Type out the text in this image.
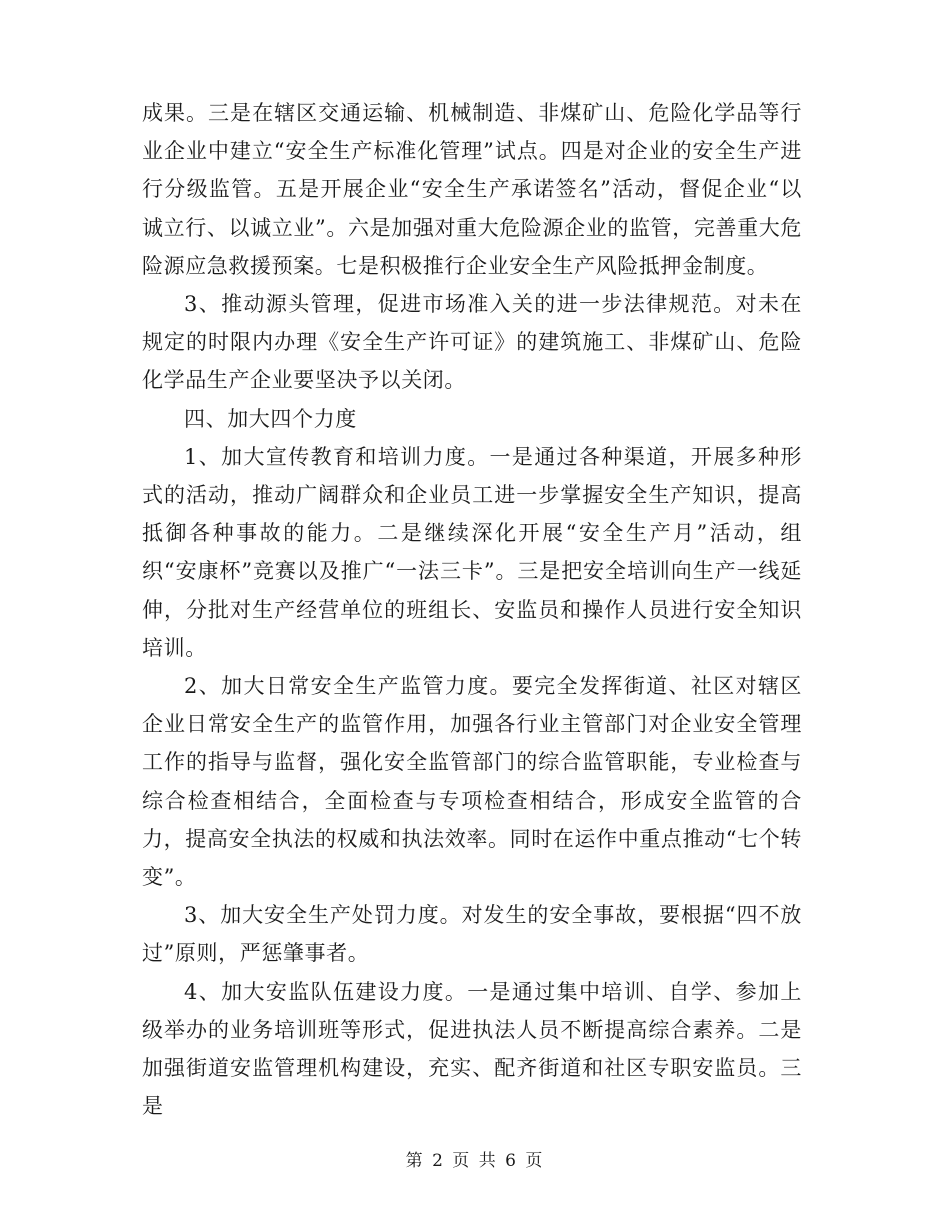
成果。三是在辖区交通运输、机械制造、非煤矿山、危险化学品等行业企业中建立“安全生产标准化管理”试点。四是对企业的安全生产进行分级监管。五是开展企业“安全生产承诺签名”活动，督促企业“以诚立行、以诚立业”。六是加强对重大危险源企业的监管，完善重大危险源应急救援预案。七是积极推行企业安全生产风险抵押金制度。

3、推动源头管理，促进市场准入关的进一步法律规范。对未在规定的时限内办理《安全生产许可证》的建筑施工、非煤矿山、危险化学品生产企业要坚决予以关闭。

四、加大四个力度

1、加大宣传教育和培训力度。一是通过各种渠道，开展多种形式的活动，推动广阔群众和企业员工进一步掌握安全生产知识，提高抵御各种事故的能力。二是继续深化开展“安全生产月”活动，组织“安康杯”竞赛以及推广“一法三卡”。三是把安全培训向生产一线延伸，分批对生产经营单位的班组长、安监员和操作人员进行安全知识培训。

2、加大日常安全生产监管力度。要完全发挥街道、社区对辖区企业日常安全生产的监管作用，加强各行业主管部门对企业安全管理工作的指导与监督，强化安全监管部门的综合监管职能，专业检查与综合检查相结合，全面检查与专项检查相结合，形成安全监管的合力，提高安全执法的权威和执法效率。同时在运作中重点推动“七个转变”。

3、加大安全生产处罚力度。对发生的安全事故，要根据“四不放过”原则，严惩肇事者。

4、加大安监队伍建设力度。一是通过集中培训、自学、参加上级举办的业务培训班等形式，促进执法人员不断提高综合素养。二是加强街道安监管理机构建设，充实、配齐街道和社区专职安监员。三是

第 2 页 共 6 页
